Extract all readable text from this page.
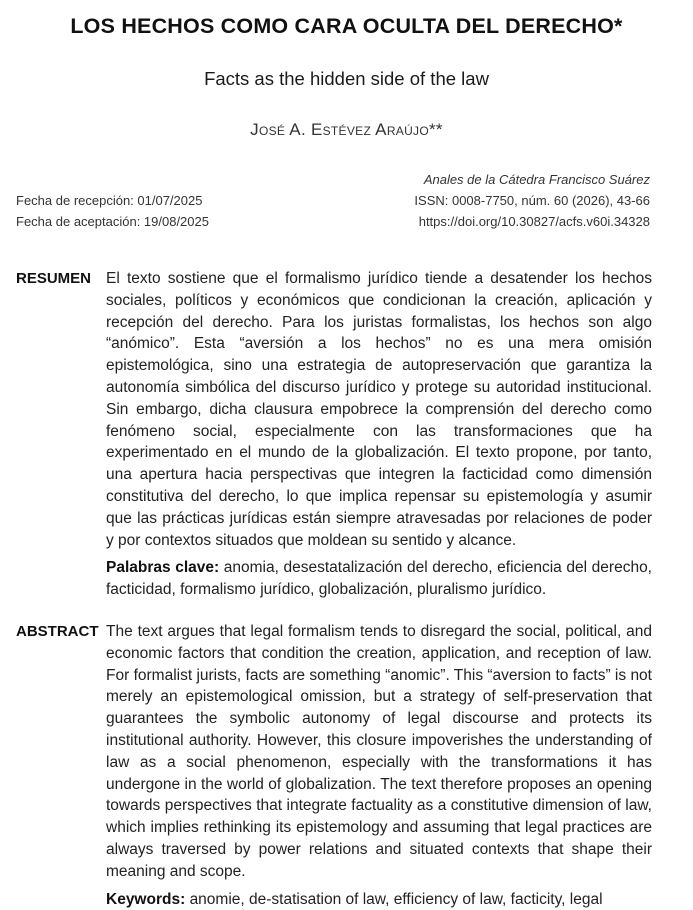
LOS HECHOS COMO CARA OCULTA DEL DERECHO*
Facts as the hidden side of the law
José A. Estévez Araújo**
Fecha de recepción: 01/07/2025
Fecha de aceptación: 19/08/2025
Anales de la Cátedra Francisco Suárez
ISSN: 0008-7750, núm. 60 (2026), 43-66
https://doi.org/10.30827/acfs.v60i.34328
RESUMEN El texto sostiene que el formalismo jurídico tiende a desatender los hechos sociales, políticos y económicos que condicionan la creación, aplicación y recepción del derecho. Para los juristas formalistas, los hechos son algo “anómico”. Esta “aversión a los hechos” no es una mera omisión epistemológica, sino una estrategia de autopreservación que garantiza la autonomía simbólica del discurso jurídico y protege su autoridad institucional. Sin embargo, dicha clausura empobrece la comprensión del derecho como fenómeno social, especialmente con las transformaciones que ha experimentado en el mundo de la globalización. El texto propone, por tanto, una apertura hacia perspectivas que integren la facticidad como dimensión constitutiva del derecho, lo que implica repensar su epistemología y asumir que las prácticas jurídicas están siempre atravesadas por relaciones de poder y por contextos situados que moldean su sentido y alcance.
Palabras clave: anomia, desestatalización del derecho, eficiencia del derecho, facticidad, formalismo jurídico, globalización, pluralismo jurídico.
ABSTRACT The text argues that legal formalism tends to disregard the social, political, and economic factors that condition the creation, application, and reception of law. For formalist jurists, facts are something “anomic”. This “aversion to facts” is not merely an epistemological omission, but a strategy of self-preservation that guarantees the symbolic autonomy of legal discourse and protects its institutional authority. However, this closure impoverishes the understanding of law as a social phenomenon, especially with the transformations it has undergone in the world of globalization. The text therefore proposes an opening towards perspectives that integrate factuality as a constitutive dimension of law, which implies rethinking its epistemology and assuming that legal practices are always traversed by power relations and situated contexts that shape their meaning and scope.
Keywords: anomie, de-statisation of law, efficiency of law, facticity, legal
